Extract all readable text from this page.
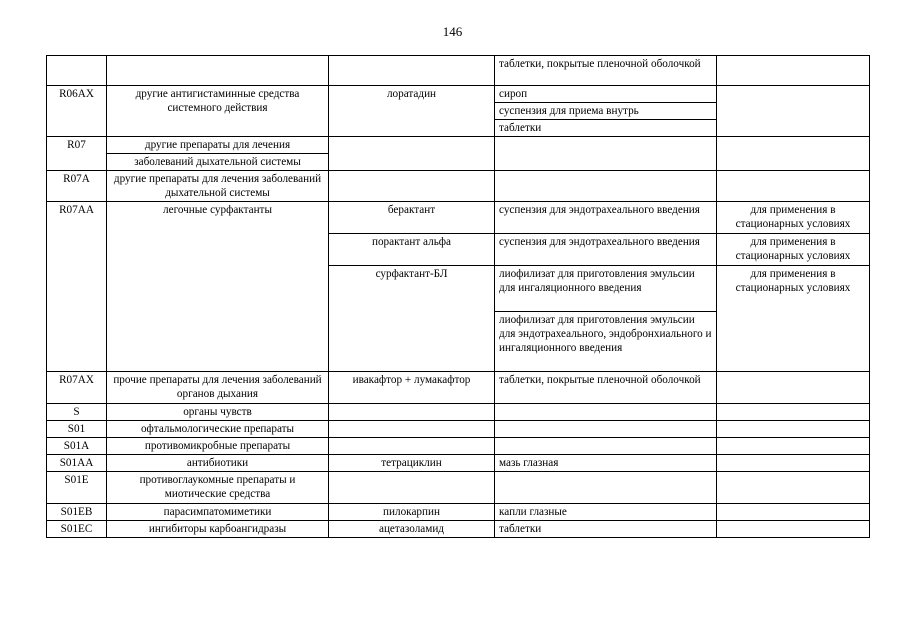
146
			таблетки, покрытые пленочной оболочкой	
R06AX	другие антигистаминные средства системного действия	лоратадин	сироп	
			суспензия для приема внутрь	
			таблетки	
R07	другие препараты для лечения			
	заболеваний дыхательной системы			
R07A	другие препараты для лечения заболеваний дыхательной системы			
R07AA	легочные сурфактанты	берактант	суспензия для эндотрахеального введения	для применения в стационарных условиях
		порактант альфа	суспензия для эндотрахеального введения	для применения в стационарных условиях
		сурфактант-БЛ	лиофилизат для приготовления эмульсии для ингаляционного введения	для применения в стационарных условиях
			лиофилизат для приготовления эмульсии для эндотрахеального, эндобронхиального и ингаляционного введения	
R07AX	прочие препараты для лечения заболеваний органов дыхания	ивакафтор + лумакафтор	таблетки, покрытые пленочной оболочкой	
S	органы чувств			
S01	офтальмологические препараты			
S01A	противомикробные препараты			
S01AA	антибиотики	тетрациклин	мазь глазная	
S01E	противоглаукомные препараты и миотические средства			
S01EB	парасимпатомиметики	пилокарпин	капли глазные	
S01EC	ингибиторы карбоангидразы	ацетазоламид	таблетки	
